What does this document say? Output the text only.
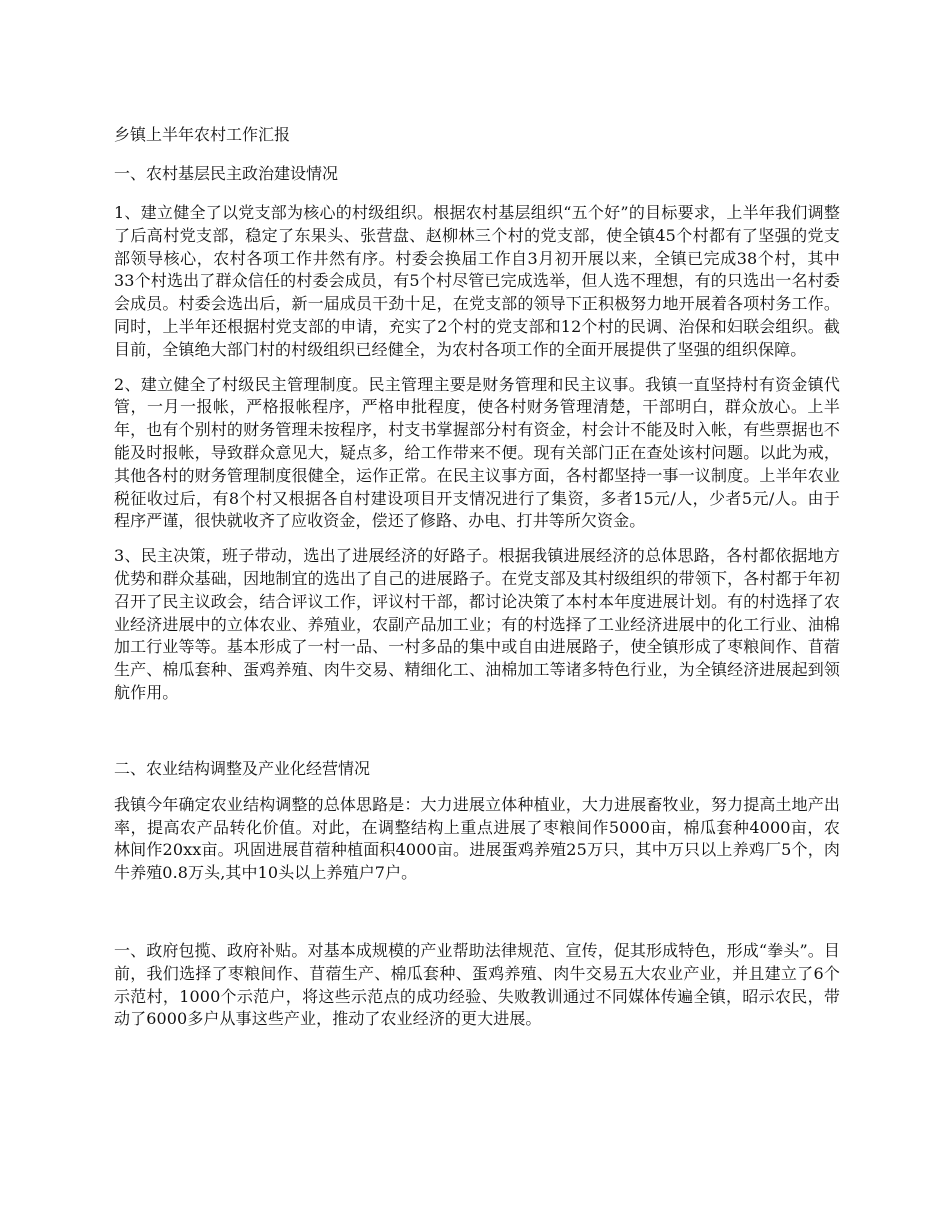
乡镇上半年农村工作汇报

一、农村基层民主政治建设情况

1、建立健全了以党支部为核心的村级组织。根据农村基层组织“五个好”的目标要求，上半年我们调整了后高村党支部，稳定了东果头、张营盘、赵柳林三个村的党支部，使全镇45个村都有了坚强的党支部领导核心，农村各项工作井然有序。村委会换届工作自3月初开展以来，全镇已完成38个村，其中33个村选出了群众信任的村委会成员，有5个村尽管已完成选举，但人选不理想，有的只选出一名村委会成员。村委会选出后，新一届成员干劲十足，在党支部的领导下正积极努力地开展着各项村务工作。同时，上半年还根据村党支部的申请，充实了2个村的党支部和12个村的民调、治保和妇联会组织。截目前，全镇绝大部门村的村级组织已经健全，为农村各项工作的全面开展提供了坚强的组织保障。

2、建立健全了村级民主管理制度。民主管理主要是财务管理和民主议事。我镇一直坚持村有资金镇代管，一月一报帐，严格报帐程序，严格申批程度，使各村财务管理清楚，干部明白，群众放心。上半年，也有个别村的财务管理未按程序，村支书掌握部分村有资金，村会计不能及时入帐，有些票据也不能及时报帐，导致群众意见大，疑点多，给工作带来不便。现有关部门正在查处该村问题。以此为戒，其他各村的财务管理制度很健全，运作正常。在民主议事方面，各村都坚持一事一议制度。上半年农业税征收过后，有8个村又根据各自村建设项目开支情况进行了集资，多者15元/人，少者5元/人。由于程序严谨，很快就收齐了应收资金，偿还了修路、办电、打井等所欠资金。

3、民主决策，班子带动，选出了进展经济的好路子。根据我镇进展经济的总体思路，各村都依据地方优势和群众基础，因地制宜的选出了自己的进展路子。在党支部及其村级组织的带领下，各村都于年初召开了民主议政会，结合评议工作，评议村干部，都讨论决策了本村本年度进展计划。有的村选择了农业经济进展中的立体农业、养殖业，农副产品加工业；有的村选择了工业经济进展中的化工行业、油棉加工行业等等。基本形成了一村一品、一村多品的集中或自由进展路子，使全镇形成了枣粮间作、苜蓿生产、棉瓜套种、蛋鸡养殖、肉牛交易、精细化工、油棉加工等诸多特色行业，为全镇经济进展起到领航作用。

二、农业结构调整及产业化经营情况

我镇今年确定农业结构调整的总体思路是：大力进展立体种植业，大力进展畜牧业，努力提高土地产出率，提高农产品转化价值。对此，在调整结构上重点进展了枣粮间作5000亩，棉瓜套种4000亩，农林间作20xx亩。巩固进展苜蓿种植面积4000亩。进展蛋鸡养殖25万只，其中万只以上养鸡厂5个，肉牛养殖0.8万头,其中10头以上养殖户7户。

一、政府包揽、政府补贴。对基本成规模的产业帮助法律规范、宣传，促其形成特色，形成“拳头”。目前，我们选择了枣粮间作、苜蓿生产、棉瓜套种、蛋鸡养殖、肉牛交易五大农业产业，并且建立了6个示范村，1000个示范户，将这些示范点的成功经验、失败教训通过不同媒体传遍全镇，昭示农民，带动了6000多户从事这些产业，推动了农业经济的更大进展。
